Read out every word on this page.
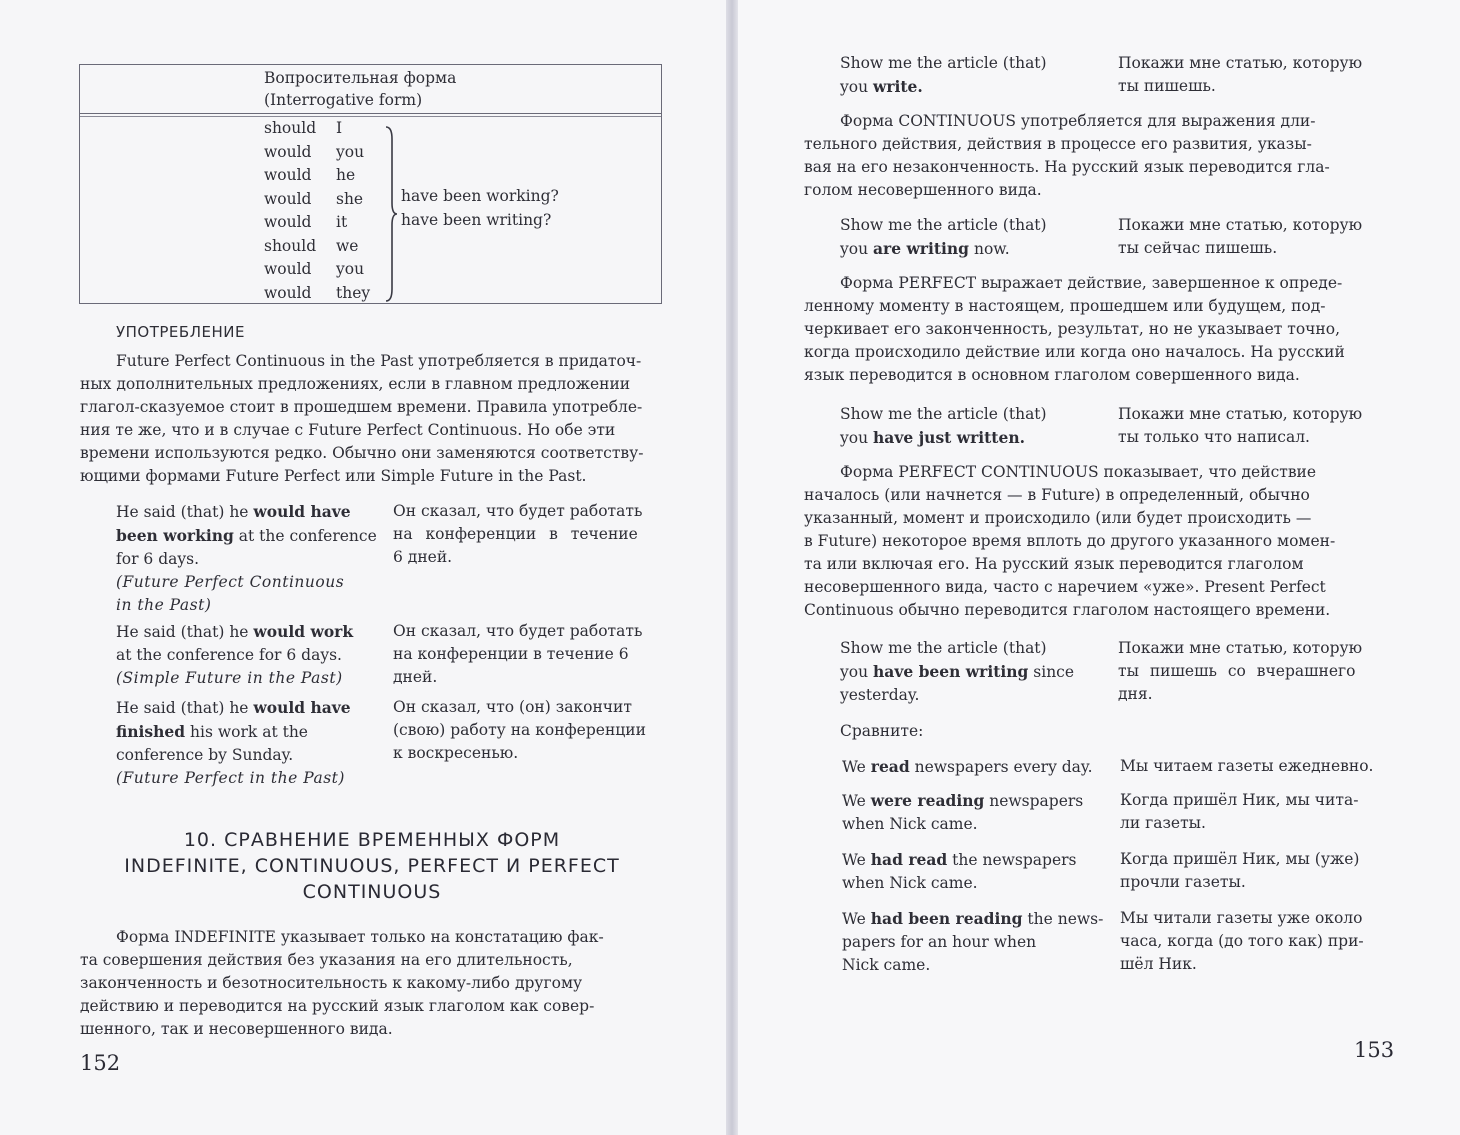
Вопросительная форма
(Interrogative form)
should
would
would
would
would
should
would
would
I
you
he
she
it
we
you
they
have been working?
have been writing?
УПОТРЕБЛЕНИЕ
Future Perfect Continuous in the Past употребляется в придаточ-
ных дополнительных предложениях, если в главном предложении
глагол-сказуемое стоит в прошедшем времени. Правила употребле-
ния те же, что и в случае с Future Perfect Continuous. Но обе эти
времени используются редко. Обычно они заменяются соответству-
ющими формами Future Perfect или Simple Future in the Past.
He said (that) he would have
been working at the conference
for 6 days.
(Future Perfect Continuous
in the Past)
Он сказал, что будет работать
на конференции в течение
6 дней.
He said (that) he would work
at the conference for 6 days.
(Simple Future in the Past)
Он сказал, что будет работать
на конференции в течение 6
дней.
He said (that) he would have
finished his work at the
conference by Sunday.
(Future Perfect in the Past)
Он сказал, что (он) закончит
(свою) работу на конференции
к воскресенью.
10. СРАВНЕНИЕ ВРЕМЕННЫХ ФОРМ
INDEFINITE, CONTINUOUS, PERFECT И PERFECT
CONTINUOUS
Форма INDEFINITE указывает только на констатацию фак-
та совершения действия без указания на его длительность,
законченность и безотносительность к какому-либо другому
действию и переводится на русский язык глаголом как совер-
шенного, так и несовершенного вида.
152
Show me the article (that)
you write.
Покажи мне статью, которую
ты пишешь.
Форма CONTINUOUS употребляется для выражения дли-
тельного действия, действия в процессе его развития, указы-
вая на его незаконченность. На русский язык переводится гла-
голом несовершенного вида.
Show me the article (that)
you are writing now.
Покажи мне статью, которую
ты сейчас пишешь.
Форма PERFECT выражает действие, завершенное к опреде-
ленному моменту в настоящем, прошедшем или будущем, под-
черкивает его законченность, результат, но не указывает точно,
когда происходило действие или когда оно началось. На русский
язык переводится в основном глаголом совершенного вида.
Show me the article (that)
you have just written.
Покажи мне статью, которую
ты только что написал.
Форма PERFECT CONTINUOUS показывает, что действие
началось (или начнется — в Future) в определенный, обычно
указанный, момент и происходило (или будет происходить —
в Future) некоторое время вплоть до другого указанного момен-
та или включая его. На русский язык переводится глаголом
несовершенного вида, часто с наречием «уже». Present Perfect
Continuous обычно переводится глаголом настоящего времени.
Show me the article (that)
you have been writing since
yesterday.
Покажи мне статью, которую
ты пишешь со вчерашнего
дня.
Сравните:
We read newspapers every day.	Мы читаем газеты ежедневно.
We were reading newspapers
when Nick came.
Когда пришёл Ник, мы чита-
ли газеты.
We had read the newspapers
when Nick came.
Когда пришёл Ник, мы (уже)
прочли газеты.
We had been reading the news-
papers for an hour when
Nick came.
Мы читали газеты уже около
часа, когда (до того как) при-
шёл Ник.
153
